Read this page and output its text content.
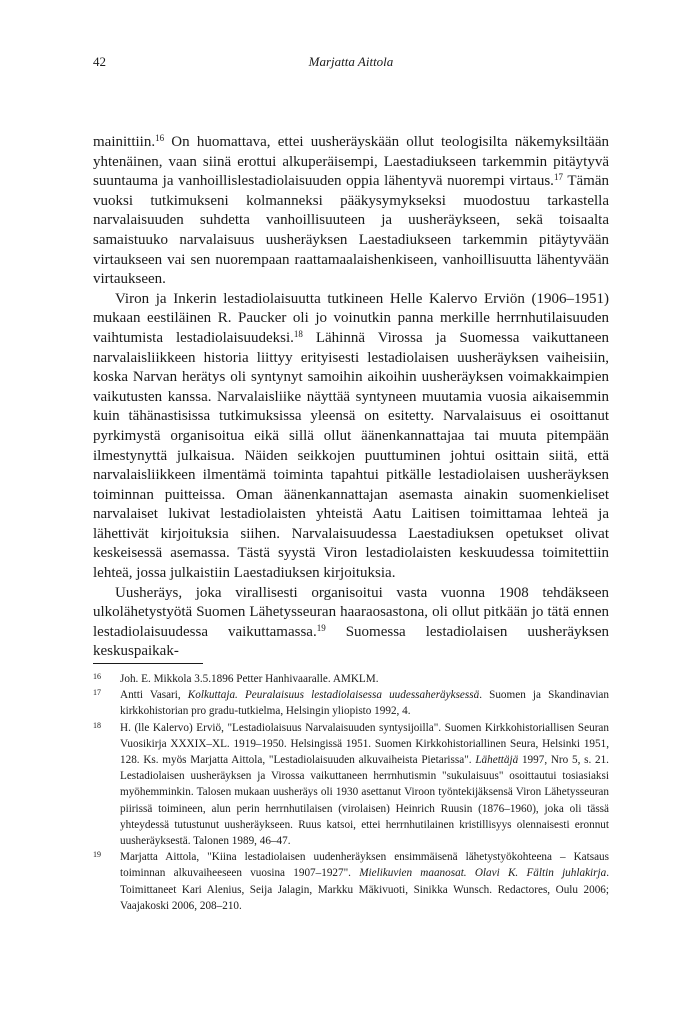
42	Marjatta Aittola

mainittiin.$^{16}$ On huomattava, ettei uusheräyskään ollut teologisilta näkemyksiltään yhtenäinen, vaan siinä erottui alkuperäisempi, Laestadiukseen tarkemmin pitäytyvä suuntauma ja vanhoillislestadiolaisuuden oppia lähentyvä nuorempi virtaus.$^{17}$ Tämän vuoksi tutkimukseni kolmanneksi pääkysymykseksi muodostuu tarkastella narvalaisuuden suhdetta vanhoillisuuteen ja uusheräykseen, sekä toisaalta samaistuuko narvalaisuus uusheräyksen Laestadiukseen tarkemmin pitäytyvään virtaukseen vai sen nuorempaan raattamaalaishenkiseen, vanhoillisuutta lähentyvään virtaukseen.

Viron ja Inkerin lestadiolaisuutta tutkineen Helle Kalervo Erviön (1906–1951) mukaan eestiläinen R. Paucker oli jo voinutkin panna merkille herrnhutilaisuuden vaihtumista lestadiolaisuudeksi.$^{18}$ Lähinnä Virossa ja Suomessa vaikuttaneen narvalaisliikkeen historia liittyy erityisesti lestadiolaisen uusheräyksen vaiheisiin, koska Narvan herätys oli syntynyt samoihin aikoihin uusheräyksen voimakkaimpien vaikutusten kanssa. Narvalaisliike näyttää syntyneen muutamia vuosia aikaisemmin kuin tähänastisissa tutkimuksissa yleensä on esitetty. Narvalaisuus ei osoittanut pyrkimystä organisoitua eikä sillä ollut äänenkannattajaa tai muuta pitempään ilmestynyttä julkaisua. Näiden seikkojen puuttuminen johtui osittain siitä, että narvalaisliikkeen ilmentämä toiminta tapahtui pitkälle lestadiolaisen uusheräyksen toiminnan puitteissa. Oman äänenkannattajan asemasta ainakin suomenkieliset narvalaiset lukivat lestadiolaisten yhteistä Aatu Laitisen toimittamaa lehteä ja lähettivät kirjoituksia siihen. Narvalaisuudessa Laestadiuksen opetukset olivat keskeisessä asemassa. Tästä syystä Viron lestadiolaisten keskuudessa toimitettiin lehteä, jossa julkaistiin Laestadiuksen kirjoituksia.

Uusheräys, joka virallisesti organisoitui vasta vuonna 1908 tehdäkseen ulkolähetystyötä Suomen Lähetysseuran haaraosastona, oli ollut pitkään jo tätä ennen lestadiolaisuudessa vaikuttamassa.$^{19}$ Suomessa lestadiolaisen uusheräyksen keskuspaikak-

16 Joh. E. Mikkola 3.5.1896 Petter Hanhivaaralle. AMKLM.

17 Antti Vasari, Kolkuttaja. Peuralaisuus lestadiolaisessa uudessaheräyksessä. Suomen ja Skandinavian kirkkohistorian pro gradu-tutkielma, Helsingin yliopisto 1992, 4.

18 H. (lle Kalervo) Erviö, "Lestadiolaisuus Narvalaisuuden syntysijoilla". Suomen Kirkkohistoriallisen Seuran Vuosikirja XXXIX–XL. 1919–1950. Helsingissä 1951. Suomen Kirkkohistoriallinen Seura, Helsinki 1951, 128. Ks. myös Marjatta Aittola, "Lestadiolaisuuden alkuvaiheista Pietarissa". Lähettäjä 1997, Nro 5, s. 21. Lestadiolaisen uusheräyksen ja Virossa vaikuttaneen herrnhutismin "sukulaisuus" osoittautui tosiasiaksi myöhemminkin. Talosen mukaan uusheräys oli 1930 asettanut Viroon työntekijäksensä Viron Lähetysseuran piirissä toimineen, alun perin herrnhutilaisen (virolaisen) Heinrich Ruusin (1876–1960), joka oli tässä yhteydessä tutustunut uusheräykseen. Ruus katsoi, ettei herrnhutilainen kristillisyys olennaisesti eronnut uusheräyksestä. Talonen 1989, 46–47.

19 Marjatta Aittola, "Kiina lestadiolaisen uudenheräyksen ensimmäisenä lähetystyökohteena – Katsaus toiminnan alkuvaiheeseen vuosina 1907–1927". Mielikuvien maanosat. Olavi K. Fältin juhlakirja. Toimittaneet Kari Alenius, Seija Jalagin, Markku Mäkivuoti, Sinikka Wunsch. Redactores, Oulu 2006; Vaajakoski 2006, 208–210.
